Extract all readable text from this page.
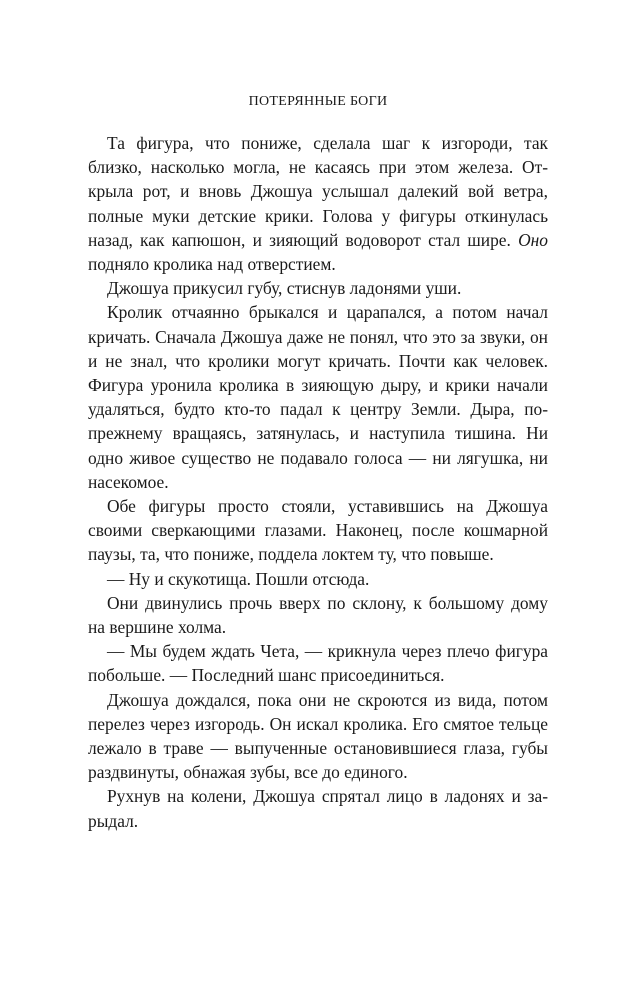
ПОТЕРЯННЫЕ БОГИ

Та фигура, что пониже, сделала шаг к изгороди, так близко, насколько могла, не касаясь при этом железа. Открыла рот, и вновь Джошуа услышал далекий вой ветра, полные муки детские крики. Голова у фигуры откинулась назад, как капюшон, и зияющий водоворот стал шире. Оно подняло кролика над отверстием.

Джошуа прикусил губу, стиснув ладонями уши.

Кролик отчаянно брыкался и царапался, а потом начал кричать. Сначала Джошуа даже не понял, что это за звуки, он и не знал, что кролики могут кричать. Почти как человек. Фигура уронила кролика в зияющую дыру, и крики начали удаляться, будто кто-то падал к центру Земли. Дыра, по-прежнему вращаясь, затянулась, и наступила тишина. Ни одно живое существо не подавало голоса — ни лягушка, ни насекомое.

Обе фигуры просто стояли, уставившись на Джошуа своими сверкающими глазами. Наконец, после кошмарной паузы, та, что пониже, поддела локтем ту, что повыше.

— Ну и скукотища. Пошли отсюда.

Они двинулись прочь вверх по склону, к большому дому на вершине холма.

— Мы будем ждать Чета, — крикнула через плечо фигура побольше. — Последний шанс присоединиться.

Джошуа дождался, пока они не скроются из вида, потом перелез через изгородь. Он искал кролика. Его смятое тельце лежало в траве — выпученные остановившиеся глаза, губы раздвинуты, обнажая зубы, все до единого.

Рухнув на колени, Джошуа спрятал лицо в ладонях и зарыдал.
